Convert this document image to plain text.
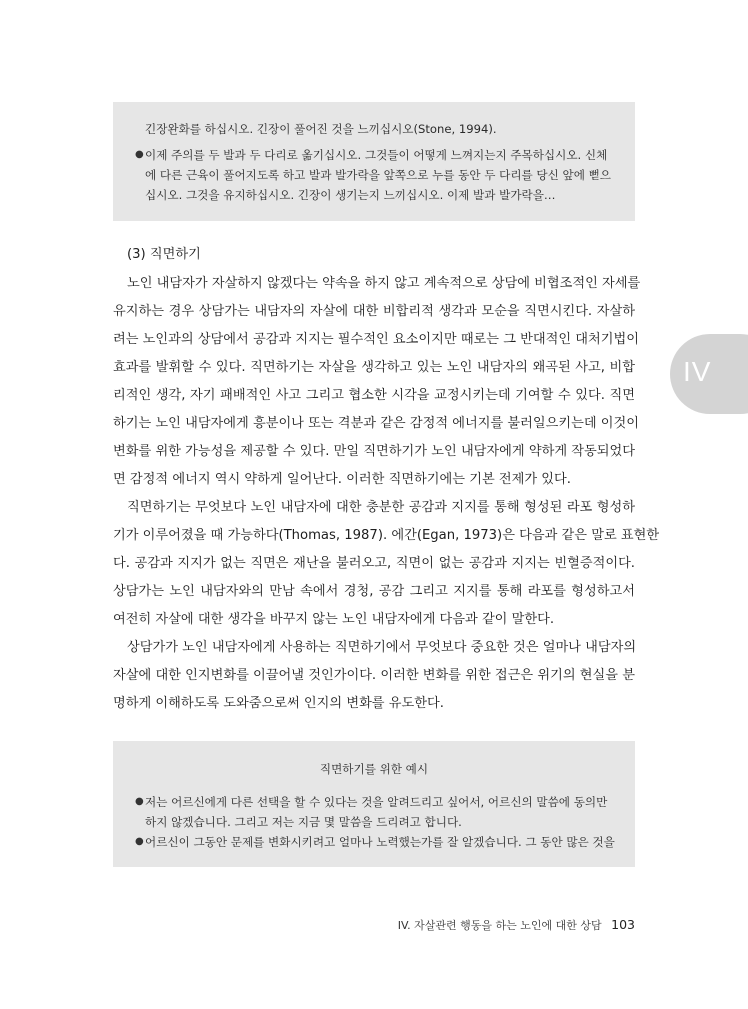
긴장완화를 하십시오. 긴장이 풀어진 것을 느끼십시오(Stone, 1994).
● 이제 주의를 두 발과 두 다리로 옮기십시오. 그것들이 어떻게 느껴지는지 주목하십시오. 신체
에 다른 근육이 풀어지도록 하고 발과 발가락을 앞쪽으로 누를 동안 두 다리를 당신 앞에 뻗으
십시오. 그것을 유지하십시오. 긴장이 생기는지 느끼십시오. 이제 발과 발가락을…
(3) 직면하기
노인 내담자가 자살하지 않겠다는 약속을 하지 않고 계속적으로 상담에 비협조적인 자세를
유지하는 경우 상담가는 내담자의 자살에 대한 비합리적 생각과 모순을 직면시킨다. 자살하
려는 노인과의 상담에서 공감과 지지는 필수적인 요소이지만 때로는 그 반대적인 대처기법이
효과를 발휘할 수 있다. 직면하기는 자살을 생각하고 있는 노인 내담자의 왜곡된 사고, 비합
리적인 생각, 자기 패배적인 사고 그리고 협소한 시각을 교정시키는데 기여할 수 있다. 직면
하기는 노인 내담자에게 흥분이나 또는 격분과 같은 감정적 에너지를 불러일으키는데 이것이
변화를 위한 가능성을 제공할 수 있다. 만일 직면하기가 노인 내담자에게 약하게 작동되었다
면 감정적 에너지 역시 약하게 일어난다. 이러한 직면하기에는 기본 전제가 있다.
직면하기는 무엇보다 노인 내담자에 대한 충분한 공감과 지지를 통해 형성된 라포 형성하
기가 이루어졌을 때 가능하다(Thomas, 1987). 에간(Egan, 1973)은 다음과 같은 말로 표현한
다. 공감과 지지가 없는 직면은 재난을 불러오고, 직면이 없는 공감과 지지는 빈혈증적이다.
상담가는 노인 내담자와의 만남 속에서 경청, 공감 그리고 지지를 통해 라포를 형성하고서
여전히 자살에 대한 생각을 바꾸지 않는 노인 내담자에게 다음과 같이 말한다.
상담가가 노인 내담자에게 사용하는 직면하기에서 무엇보다 중요한 것은 얼마나 내담자의
자살에 대한 인지변화를 이끌어낼 것인가이다. 이러한 변화를 위한 접근은 위기의 현실을 분
명하게 이해하도록 도와줌으로써 인지의 변화를 유도한다.
IV
직면하기를 위한 예시
● 저는 어르신에게 다른 선택을 할 수 있다는 것을 알려드리고 싶어서, 어르신의 말씀에 동의만
하지 않겠습니다. 그리고 저는 지금 몇 말씀을 드리려고 합니다.
● 어르신이 그동안 문제를 변화시키려고 얼마나 노력했는가를 잘 알겠습니다. 그 동안 많은 것을
IV. 자살관련 행동을 하는 노인에 대한 상담 103
